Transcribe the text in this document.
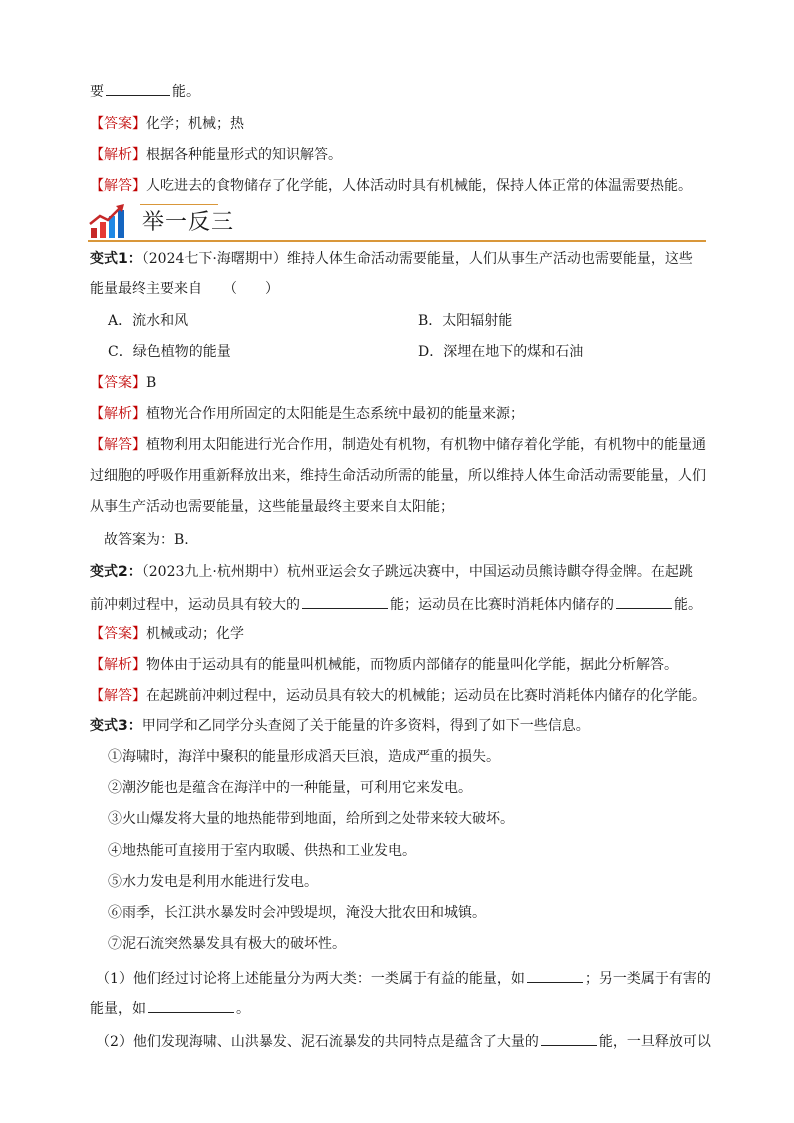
要	能。
【答案】化学；机械；热
【解析】根据各种能量形式的知识解答。
【解答】人吃进去的食物储存了化学能，人体活动时具有机械能，保持人体正常的体温需要热能。
举一反三
变式1：（2024七下·海曙期中）维持人体生命活动需要能量，人们从事生产活动也需要能量，这些
能量最终主要来自　　（　　）
A．流水和风	B．太阳辐射能
C．绿色植物的能量	D．深埋在地下的煤和石油
【答案】B
【解析】植物光合作用所固定的太阳能是生态系统中最初的能量来源；
【解答】植物利用太阳能进行光合作用，制造处有机物，有机物中储存着化学能，有机物中的能量通
过细胞的呼吸作用重新释放出来，维持生命活动所需的能量，所以维持人体生命活动需要能量，人们
从事生产活动也需要能量，这些能量最终主要来自太阳能；
故答案为：B.
变式2：（2023九上·杭州期中）杭州亚运会女子跳远决赛中，中国运动员熊诗麒夺得金牌。在起跳
前冲刺过程中，运动员具有较大的	能；运动员在比赛时消耗体内储存的	能。
【答案】机械或动；化学
【解析】物体由于运动具有的能量叫机械能，而物质内部储存的能量叫化学能，据此分析解答。
【解答】在起跳前冲刺过程中，运动员具有较大的机械能；运动员在比赛时消耗体内储存的化学能。
变式3：甲同学和乙同学分头查阅了关于能量的许多资料，得到了如下一些信息。
①海啸时，海洋中聚积的能量形成滔天巨浪，造成严重的损失。
②潮汐能也是蕴含在海洋中的一种能量，可利用它来发电。
③火山爆发将大量的地热能带到地面，给所到之处带来较大破坏。
④地热能可直接用于室内取暖、供热和工业发电。
⑤水力发电是利用水能进行发电。
⑥雨季，长江洪水暴发时会冲毁堤坝，淹没大批农田和城镇。
⑦泥石流突然暴发具有极大的破坏性。
（1）他们经过讨论将上述能量分为两大类：一类属于有益的能量，如	；另一类属于有害的
能量，如	。
（2）他们发现海啸、山洪暴发、泥石流暴发的共同特点是蕴含了大量的	能，一旦释放可以
